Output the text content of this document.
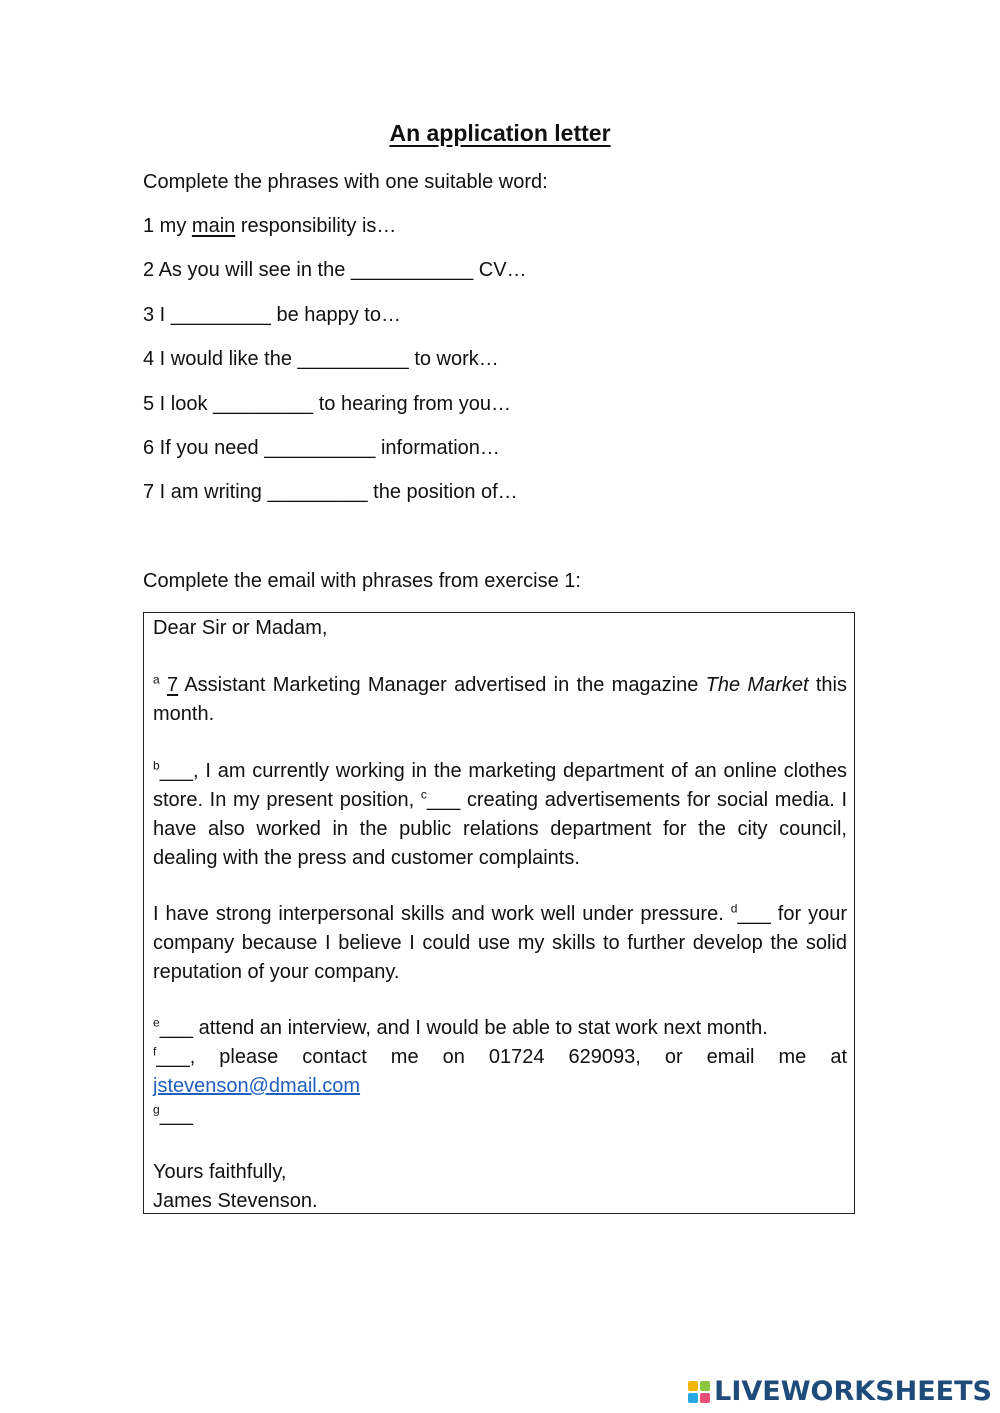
An application letter
Complete the phrases with one suitable word:
1 my main responsibility is…
2 As you will see in the ___________ CV…
3 I _________ be happy to…
4 I would like the __________ to work…
5 I look _________ to hearing from you…
6 If you need __________ information…
7 I am writing _________ the position of…
Complete the email with phrases from exercise 1:
Dear Sir or Madam,
$^a$ 7 Assistant Marketing Manager advertised in the magazine The Market this month.
$^b$___, I am currently working in the marketing department of an online clothes store. In my present position, $^c$___ creating advertisements for social media. I have also worked in the public relations department for the city council, dealing with the press and customer complaints.
I have strong interpersonal skills and work well under pressure. $^d$___ for your company because I believe I could use my skills to further develop the solid reputation of your company.
$^e$___ attend an interview, and I would be able to stat work next month.
$^f$___, please contact me on 01724 629093, or email me at jstevenson@dmail.com
$^g$___
Yours faithfully,
James Stevenson.
LIVEWORKSHEETS
